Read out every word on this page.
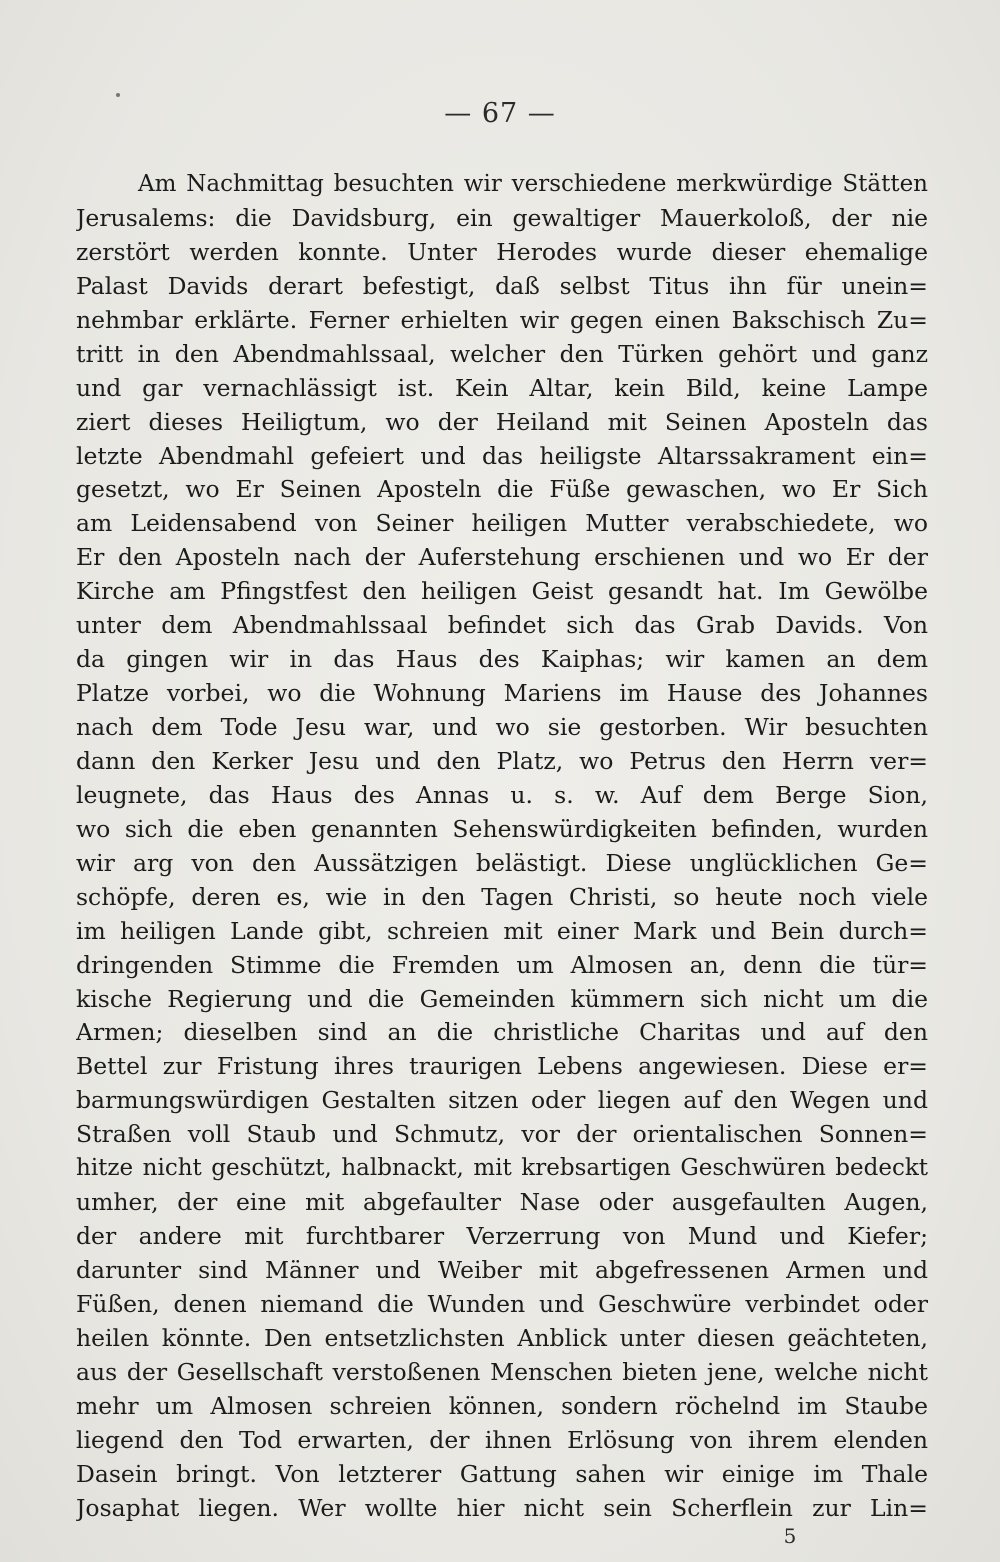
— 67 —
Am Nachmittag besuchten wir verschiedene merkwürdige Stätten
Jerusalems: die Davidsburg, ein gewaltiger Mauerkoloß, der nie
zerstört werden konnte. Unter Herodes wurde dieser ehemalige
Palast Davids derart befestigt, daß selbst Titus ihn für unein=
nehmbar erklärte. Ferner erhielten wir gegen einen Bakschisch Zu=
tritt in den Abendmahlssaal, welcher den Türken gehört und ganz
und gar vernachlässigt ist. Kein Altar, kein Bild, keine Lampe
ziert dieses Heiligtum, wo der Heiland mit Seinen Aposteln das
letzte Abendmahl gefeiert und das heiligste Altarssakrament ein=
gesetzt, wo Er Seinen Aposteln die Füße gewaschen, wo Er Sich
am Leidensabend von Seiner heiligen Mutter verabschiedete, wo
Er den Aposteln nach der Auferstehung erschienen und wo Er der
Kirche am Pfingstfest den heiligen Geist gesandt hat. Im Gewölbe
unter dem Abendmahlssaal befindet sich das Grab Davids. Von
da gingen wir in das Haus des Kaiphas; wir kamen an dem
Platze vorbei, wo die Wohnung Mariens im Hause des Johannes
nach dem Tode Jesu war, und wo sie gestorben. Wir besuchten
dann den Kerker Jesu und den Platz, wo Petrus den Herrn ver=
leugnete, das Haus des Annas u. s. w. Auf dem Berge Sion,
wo sich die eben genannten Sehenswürdigkeiten befinden, wurden
wir arg von den Aussätzigen belästigt. Diese unglücklichen Ge=
schöpfe, deren es, wie in den Tagen Christi, so heute noch viele
im heiligen Lande gibt, schreien mit einer Mark und Bein durch=
dringenden Stimme die Fremden um Almosen an, denn die tür=
kische Regierung und die Gemeinden kümmern sich nicht um die
Armen; dieselben sind an die christliche Charitas und auf den
Bettel zur Fristung ihres traurigen Lebens angewiesen. Diese er=
barmungswürdigen Gestalten sitzen oder liegen auf den Wegen und
Straßen voll Staub und Schmutz, vor der orientalischen Sonnen=
hitze nicht geschützt, halbnackt, mit krebsartigen Geschwüren bedeckt
umher, der eine mit abgefaulter Nase oder ausgefaulten Augen,
der andere mit furchtbarer Verzerrung von Mund und Kiefer;
darunter sind Männer und Weiber mit abgefressenen Armen und
Füßen, denen niemand die Wunden und Geschwüre verbindet oder
heilen könnte. Den entsetzlichsten Anblick unter diesen geächteten,
aus der Gesellschaft verstoßenen Menschen bieten jene, welche nicht
mehr um Almosen schreien können, sondern röchelnd im Staube
liegend den Tod erwarten, der ihnen Erlösung von ihrem elenden
Dasein bringt. Von letzterer Gattung sahen wir einige im Thale
Josaphat liegen. Wer wollte hier nicht sein Scherflein zur Lin=
5
